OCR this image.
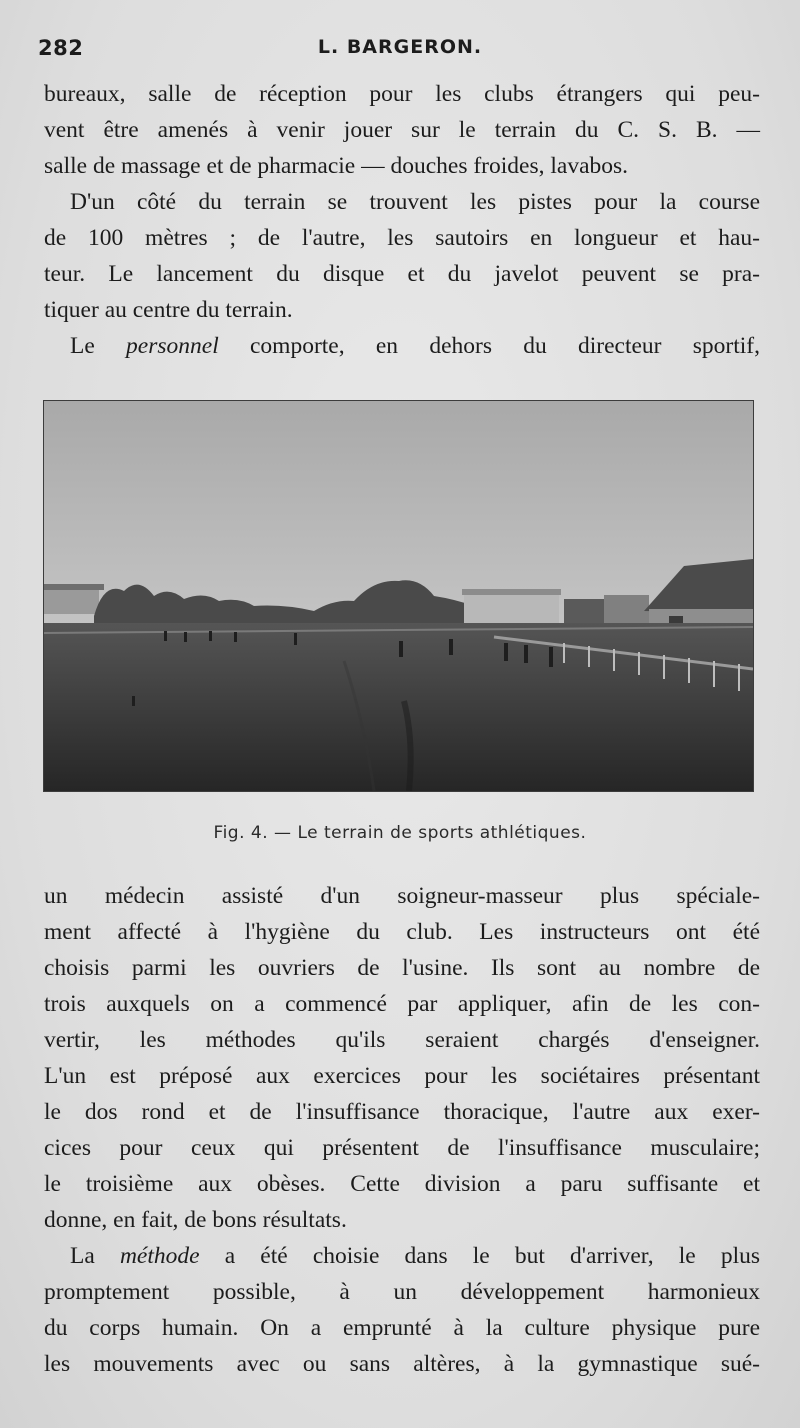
282	L. BARGERON.
bureaux, salle de réception pour les clubs étrangers qui peu-
vent être amenés à venir jouer sur le terrain du C. S. B. —
salle de massage et de pharmacie — douches froides, lavabos.
D'un côté du terrain se trouvent les pistes pour la course
de 100 mètres ; de l'autre, les sautoirs en longueur et hau-
teur. Le lancement du disque et du javelot peuvent se pra-
tiquer au centre du terrain.
Le personnel comporte, en dehors du directeur sportif,
Fig. 4. — Le terrain de sports athlétiques.
un médecin assisté d'un soigneur-masseur plus spéciale-
ment affecté à l'hygiène du club. Les instructeurs ont été
choisis parmi les ouvriers de l'usine. Ils sont au nombre de
trois auxquels on a commencé par appliquer, afin de les con-
vertir, les méthodes qu'ils seraient chargés d'enseigner.
L'un est préposé aux exercices pour les sociétaires présentant
le dos rond et de l'insuffisance thoracique, l'autre aux exer-
cices pour ceux qui présentent de l'insuffisance musculaire;
le troisième aux obèses. Cette division a paru suffisante et
donne, en fait, de bons résultats.
La méthode a été choisie dans le but d'arriver, le plus
promptement possible, à un développement harmonieux
du corps humain. On a emprunté à la culture physique pure
les mouvements avec ou sans altères, à la gymnastique sué-
